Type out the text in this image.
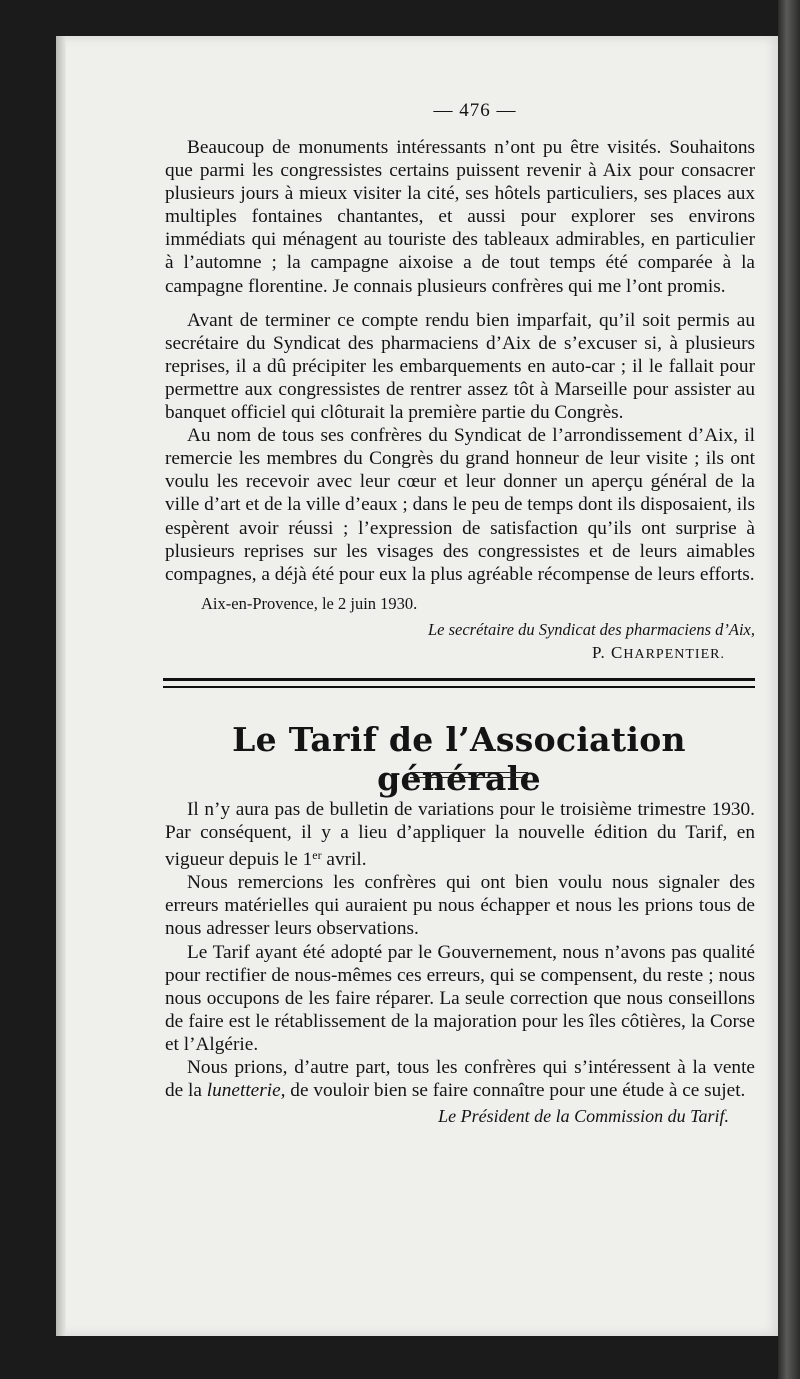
— 476 —

Beaucoup de monuments intéressants n’ont pu être visités. Souhaitons que parmi les congressistes certains puissent revenir à Aix pour consacrer plusieurs jours à mieux visiter la cité, ses hôtels particuliers, ses places aux multiples fontaines chantantes, et aussi pour explorer ses environs immédiats qui ménagent au touriste des tableaux admirables, en particulier à l’automne ; la campagne aixoise a de tout temps été comparée à la campagne florentine. Je connais plusieurs confrères qui me l’ont promis.

Avant de terminer ce compte rendu bien imparfait, qu’il soit permis au secrétaire du Syndicat des pharmaciens d’Aix de s’excuser si, à plusieurs reprises, il a dû précipiter les embarquements en auto-car ; il le fallait pour permettre aux congressistes de rentrer assez tôt à Marseille pour assister au banquet officiel qui clôturait la première partie du Congrès.

Au nom de tous ses confrères du Syndicat de l’arrondissement d’Aix, il remercie les membres du Congrès du grand honneur de leur visite ; ils ont voulu les recevoir avec leur cœur et leur donner un aperçu général de la ville d’art et de la ville d’eaux ; dans le peu de temps dont ils disposaient, ils espèrent avoir réussi ; l’expression de satisfaction qu’ils ont surprise à plusieurs reprises sur les visages des congressistes et de leurs aimables compagnes, a déjà été pour eux la plus agréable récompense de leurs efforts.

Aix-en-Provence, le 2 juin 1930.
Le secrétaire du Syndicat des pharmaciens d’Aix,
P. CHARPENTIER.
Le Tarif de l’Association générale

Il n’y aura pas de bulletin de variations pour le troisième trimestre 1930. Par conséquent, il y a lieu d’appliquer la nouvelle édition du Tarif, en vigueur depuis le 1er avril.

Nous remercions les confrères qui ont bien voulu nous signaler des erreurs matérielles qui auraient pu nous échapper et nous les prions tous de nous adresser leurs observations.

Le Tarif ayant été adopté par le Gouvernement, nous n’avons pas qualité pour rectifier de nous-mêmes ces erreurs, qui se compensent, du reste ; nous nous occupons de les faire réparer. La seule correction que nous conseillons de faire est le rétablissement de la majoration pour les îles côtières, la Corse et l’Algérie.

Nous prions, d’autre part, tous les confrères qui s’intéressent à la vente de la lunetterie, de vouloir bien se faire connaître pour une étude à ce sujet.

Le Président de la Commission du Tarif.
